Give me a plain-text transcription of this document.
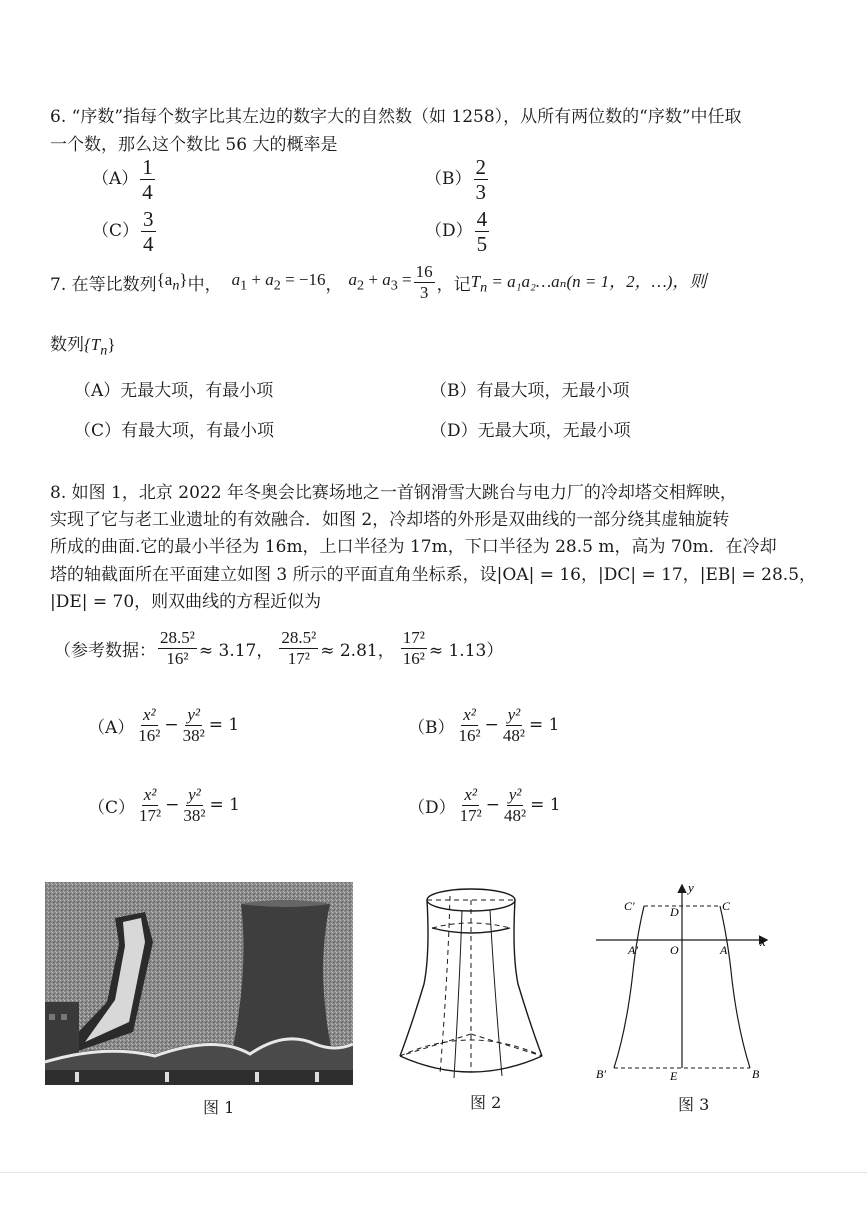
6. “序数”指每个数字比其左边的数字大的自然数（如 1258），从所有两位数的“序数”中任取
一个数，那么这个数比 56 大的概率是
$(A) \frac{1}{4}$	$(B) \frac{2}{3}$
$(C) \frac{3}{4}$	$(D) \frac{4}{5}$
7. 在等比数列 $\{a_n\}$ 中， $a_1 + a_2 = -16$ ， $a_2 + a_3 = \frac{16}{3}$ ，记 $T_n$ = a₁a₂…aₙ(n = 1，2，…)，则
数列$\{T_n\}$
（A）无最大项，有最小项	（B）有最大项，无最小项
（C）有最大项，有最小项	（D）无最大项，无最小项
8. 如图 1，北京 2022 年冬奥会比赛场地之一首钢滑雪大跳台与电力厂的冷却塔交相辉映，
实现了它与老工业遗址的有效融合．如图 2，冷却塔的外形是双曲线的一部分绕其虚轴旋转
所成的曲面.它的最小半径为 16m，上口半径为 17m，下口半径为 28.5 m，高为 70m．在冷却
塔的轴截面所在平面建立如图 3 所示的平面直角坐标系，设|OA| = 16，|DC| = 17，|EB| = 28.5，
|DE| = 70，则双曲线的方程近似为
（参考数据： $\frac{\text{28.5²}}{\text{16²}} \approx 3.17$， $\frac{\text{28.5²}}{\text{17²}} \approx 2.81$， $\frac{\text{17²}}{\text{16²}} \approx 1.13$）
$(A) \frac{\text{x²}}{\text{16²}} - \frac{\text{y²}}{\text{38²}} = 1$	$(B) \frac{\text{x²}}{\text{16²}} - \frac{\text{y²}}{\text{48²}} = 1$
$(C) \frac{\text{x²}}{\text{17²}} - \frac{\text{y²}}{\text{38²}} = 1$	$(D) \frac{\text{x²}}{\text{17²}} - \frac{\text{y²}}{\text{48²}} = 1$
图 1	图 2
y
x
C′	D	C
A′	O	A
B′	E	B
图 3
